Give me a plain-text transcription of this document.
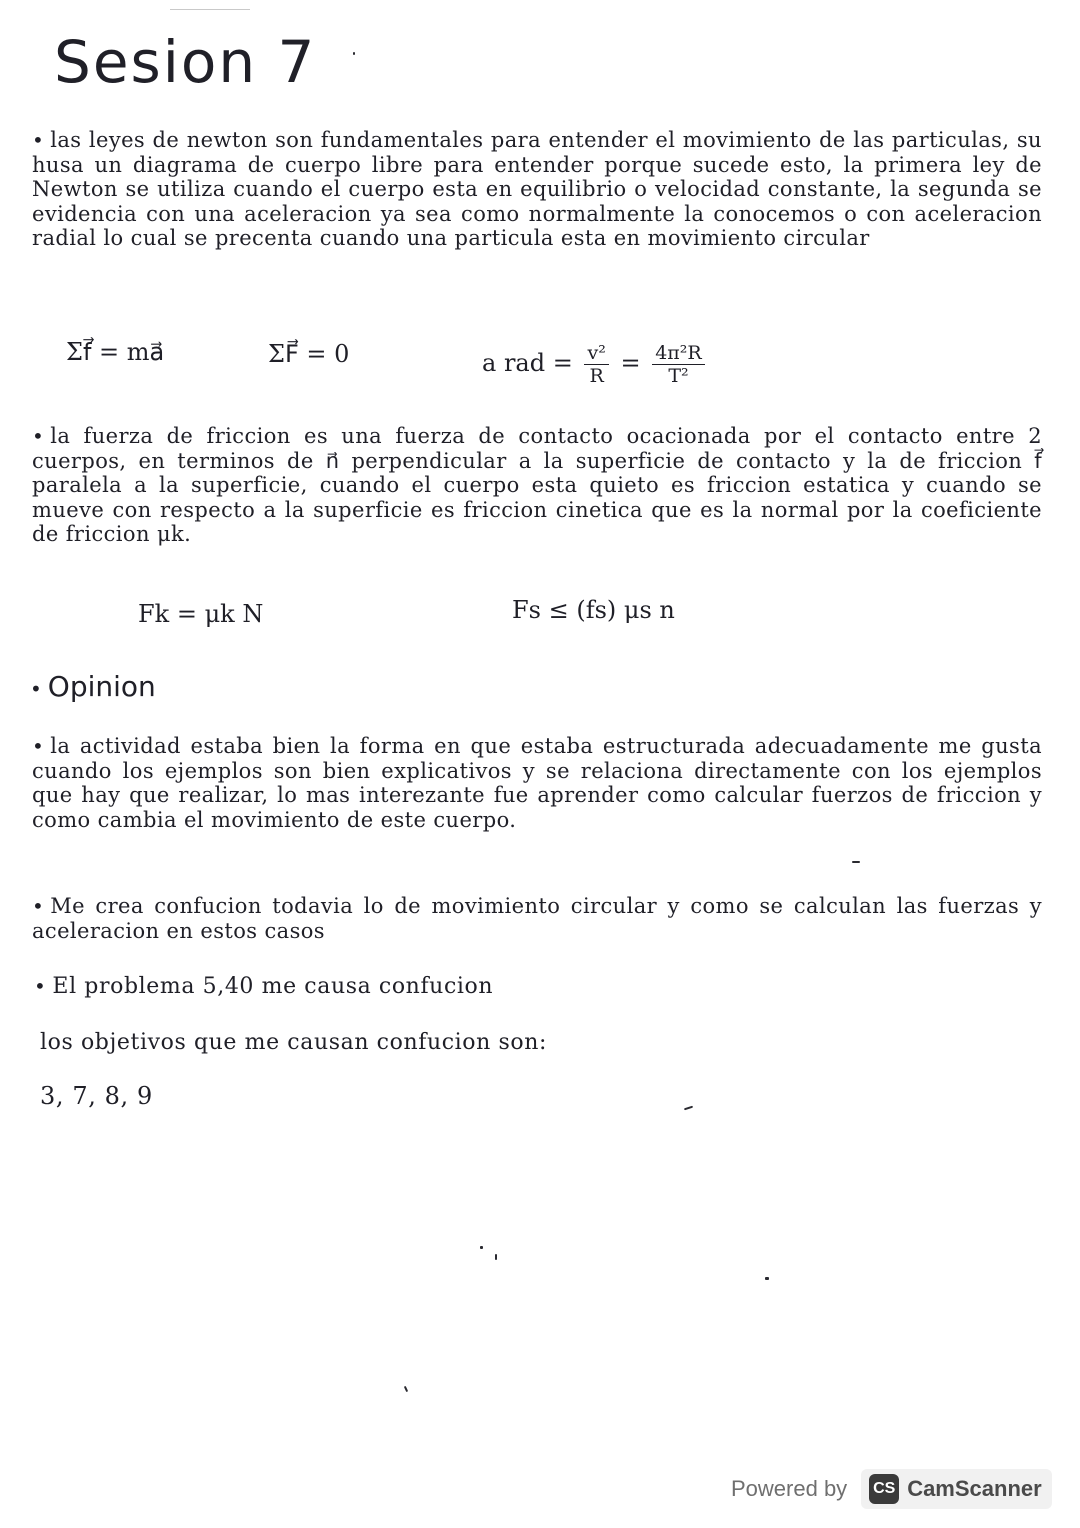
Sesion 7
• las leyes de newton son fundamentales para entender el movimiento de las particulas, su husa un diagrama de cuerpo libre para entender porque sucede esto, la primera ley de Newton se utiliza cuando el cuerpo esta en equilibrio o velocidad constante, la segunda se evidencia con una aceleracion ya sea como normalmente la conocemos o con aceleracion radial lo cual se precenta cuando una particula esta en movimiento circular
Σf⃗ = ma⃗	ΣF⃗ = 0	a rad = $\frac{\text{v²}}{R} = \frac{\text{4π²R}}{\text{T²}}$
• la fuerza de friccion es una fuerza de contacto ocacionada por el contacto entre 2 cuerpos, en terminos de n⃗ perpendicular a la superficie de contacto y la de friccion f⃗ paralela a la superficie, cuando el cuerpo esta quieto es friccion estatica y cuando se mueve con respecto a la superficie es friccion cinetica que es la normal por la coeficiente de friccion μk.
Fk = μk N	Fs ≤ (fs) μs n
• Opinion
• la actividad estaba bien la forma en que estaba estructurada adecuadamente me gusta cuando los ejemplos son bien explicativos y se relaciona directamente con los ejemplos que hay que realizar, lo mas interezante fue aprender como calcular fuerzos de friccion y como cambia el movimiento de este cuerpo.
• Me crea confucion todavia lo de movimiento circular y como se calculan las fuerzas y aceleracion en estos casos
• El problema 5,40 me causa confucion
los objetivos que me causan confucion son:
3, 7, 8, 9
Powered by CS CamScanner
